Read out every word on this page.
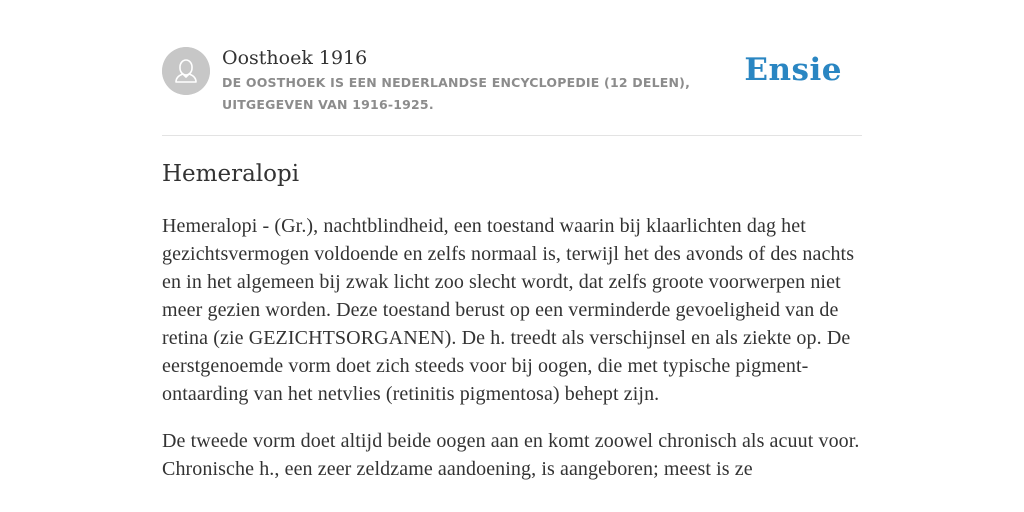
Oosthoek 1916
DE OOSTHOEK IS EEN NEDERLANDSE ENCYCLOPEDIE (12 DELEN), UITGEGEVEN VAN 1916-1925.
Ensie
Hemeralopi

Hemeralopi - (Gr.), nachtblindheid, een toestand waarin bij klaarlichten dag het gezichtsvermogen voldoende en zelfs normaal is, terwijl het des avonds of des nachts en in het algemeen bij zwak licht zoo slecht wordt, dat zelfs groote voorwerpen niet meer gezien worden. Deze toestand berust op een verminderde gevoeligheid van de retina (zie GEZICHTSORGANEN). De h. treedt als verschijnsel en als ziekte op. De eerstgenoemde vorm doet zich steeds voor bij oogen, die met typische pigment-ontaarding van het netvlies (retinitis pigmentosa) behept zijn.

De tweede vorm doet altijd beide oogen aan en komt zoowel chronisch als acuut voor. Chronische h., een zeer zeldzame aandoening, is aangeboren; meest is ze
